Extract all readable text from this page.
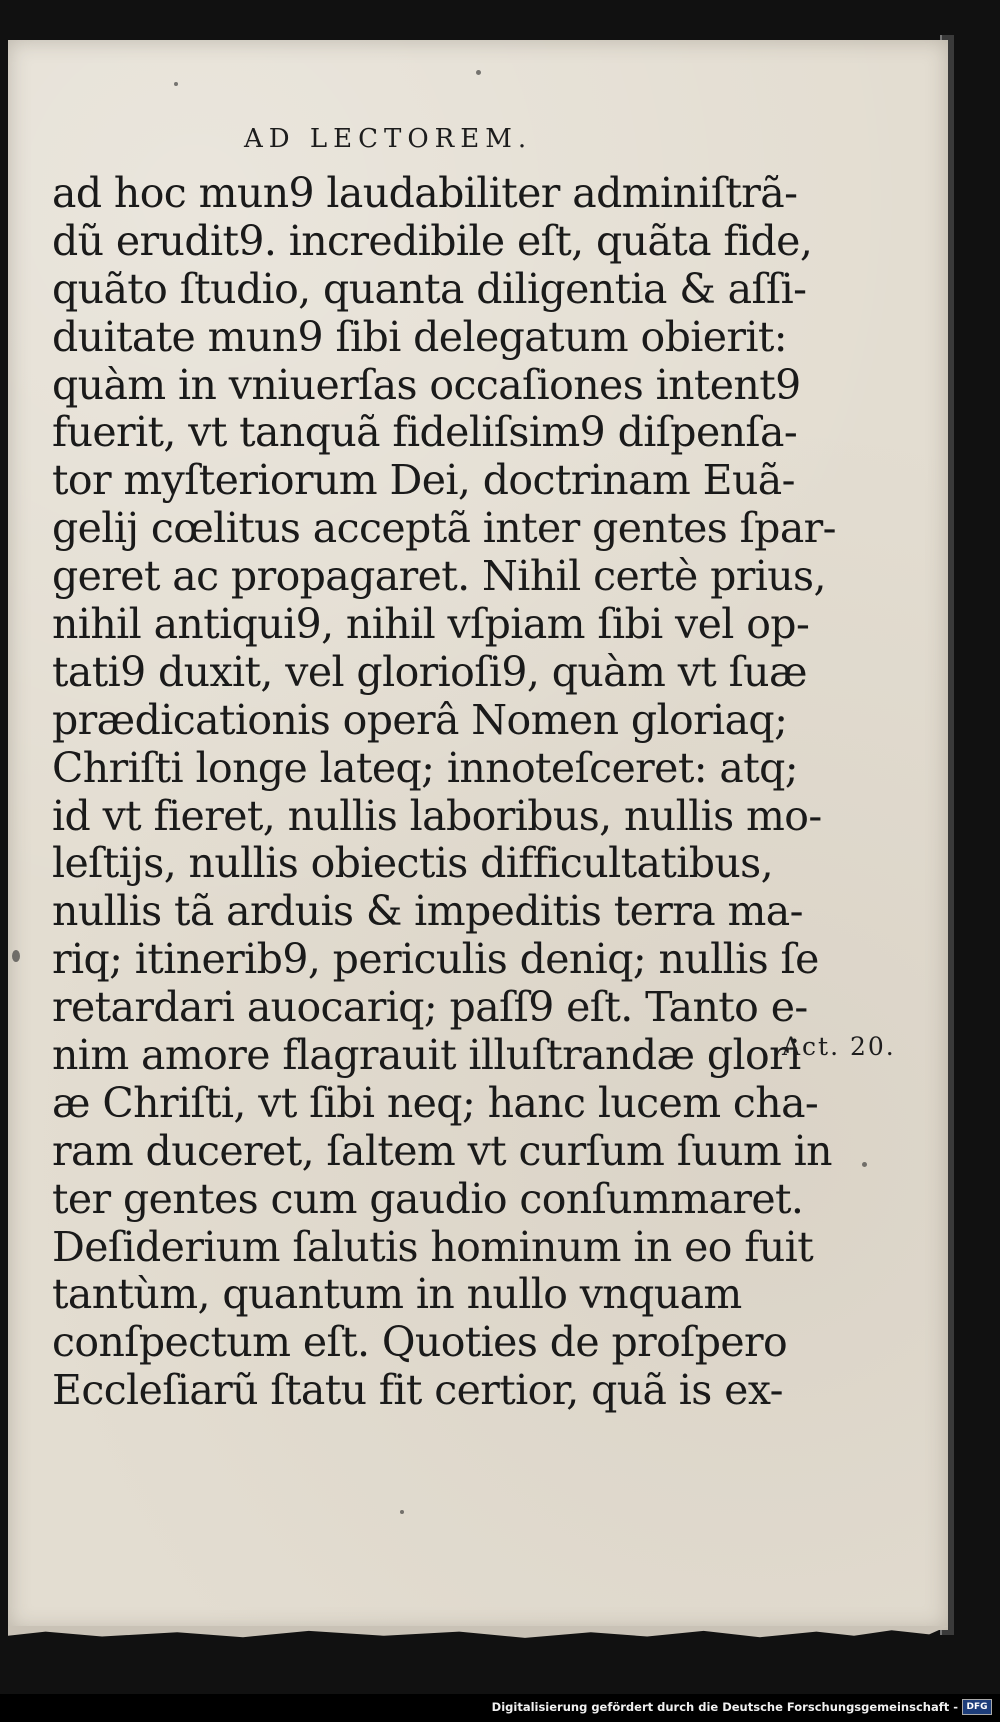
AD LECTOREM.
ad hoc mun9 laudabiliter adminiſtrã-
dũ erudit9. incredibile eſt, quãta fide,
quãto ſtudio, quanta diligentia & aſſi-
duitate mun9 ſibi delegatum obierit:
quàm in vniuerſas occaſiones intent9
fuerit, vt tanquã fideliſsim9 diſpenſa-
tor myſteriorum Dei, doctrinam Euã-
gelij cœlitus acceptã inter gentes ſpar-
geret ac propagaret. Nihil certè prius,
nihil antiqui9, nihil vſpiam ſibi vel op-
tati9 duxit, vel glorioſi9, quàm vt ſuæ
prædicationis operâ Nomen gloriaq;
Chriſti longe lateq; innoteſceret: atq;
id vt fieret, nullis laboribus, nullis mo-
leſtijs, nullis obiectis difficultatibus,
nullis tã arduis & impeditis terra ma-
riq; itinerib9, periculis deniq; nullis ſe
retardari auocariq; paſſ9 eſt. Tanto e-
nim amore flagrauit illuſtrandæ glori
æ Chriſti, vt ſibi neq; hanc lucem cha-
ram duceret, ſaltem vt curſum ſuum in
ter gentes cum gaudio conſummaret.
Deſiderium ſalutis hominum in eo fuit
tantùm, quantum in nullo vnquam
conſpectum eſt. Quoties de proſpero
Eccleſiarũ ſtatu fit certior, quã is ex-
Act. 20.
Digitalisierung gefördert durch die Deutsche Forschungsgemeinschaft - DFG
